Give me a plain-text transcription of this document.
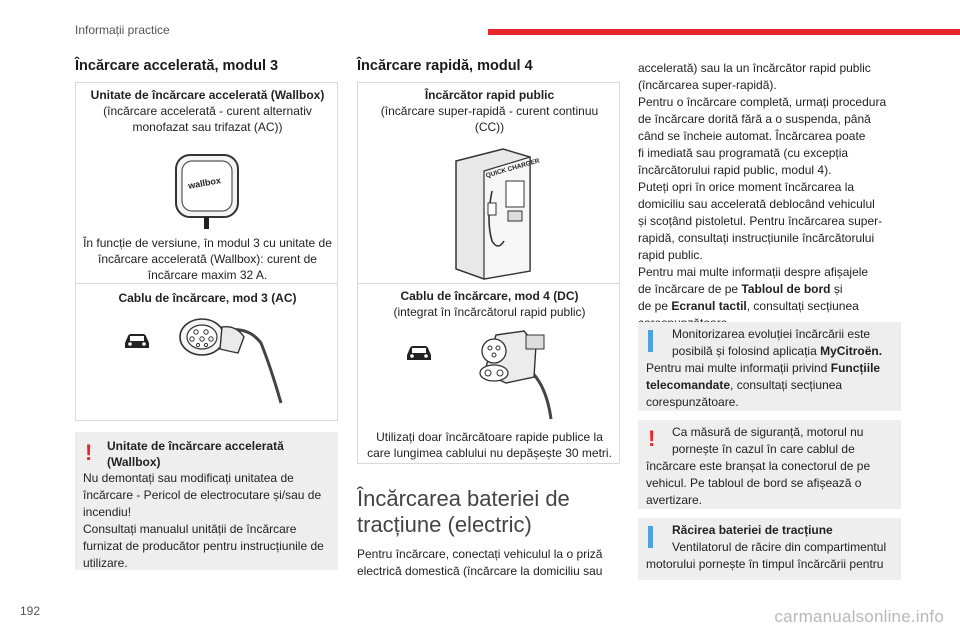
Informații practice
Încărcare accelerată, modul 3
Unitate de încărcare accelerată (Wallbox)
(încărcare accelerată - curent alternativ monofazat sau trifazat (AC))
wallbox
În funcție de versiune, în modul 3 cu unitate de încărcare accelerată (Wallbox): curent de încărcare maxim 32 A.
Cablu de încărcare, mod 3 (AC)
! Unitate de încărcare accelerată (Wallbox)
Nu demontați sau modificați unitatea de
încărcare - Pericol de electrocutare și/sau de
incendiu!
Consultați manualul unității de încărcare
furnizat de producător pentru instrucțiunile de
utilizare.
Încărcare rapidă, modul 4
Încărcător rapid public
(încărcare super-rapidă - curent continuu (CC))
QUICK CHARGER
Cablu de încărcare, mod 4 (DC)
(integrat în încărcătorul rapid public)
Utilizați doar încărcătoare rapide publice la care lungimea cablului nu depășește 30 metri.
Încărcarea bateriei de
tracțiune (electric)
Pentru încărcare, conectați vehiculul la o priză
electrică domestică (încărcare la domiciliu sau
accelerată) sau la un încărcător rapid public
(încărcarea super-rapidă).
Pentru o încărcare completă, urmați procedura
de încărcare dorită fără a o suspenda, până
când se încheie automat. Încărcarea poate
fi imediată sau programată (cu excepția
încărcătorului rapid public, modul 4).
Puteți opri în orice moment încărcarea la
domiciliu sau accelerată deblocând vehiculul
și scoțând pistoletul. Pentru încărcarea super-
rapidă, consultați instrucțiunile încărcătorului
rapid public.
Pentru mai multe informații despre afișajele
de încărcare de pe Tabloul de bord și
de pe Ecranul tactil, consultați secțiunea
Monitorizarea evoluției încărcării este
posibilă și folosind aplicația MyCitroën.
Pentru mai multe informații privind Funcțiile
telecomandate, consultați secțiunea
corespunzătoare.
!	Ca măsură de siguranță, motorul nu
pornește în cazul în care cablul de
încărcare este branșat la conectorul de pe
vehicul. Pe tabloul de bord se afișează o
avertizare.
Răcirea bateriei de tracțiune
Ventilatorul de răcire din compartimentul
motorului pornește în timpul încărcării pentru
192	carmanualsonline.info
